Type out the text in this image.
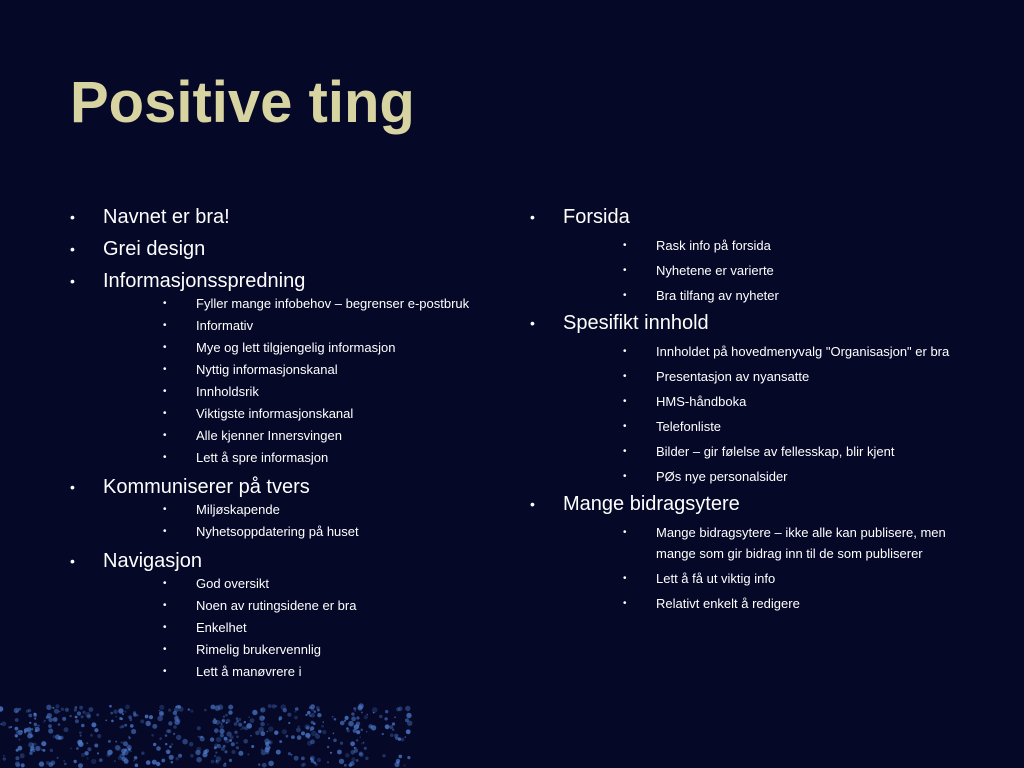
Positive ting
• Navnet er bra!
• Grei design
• Informasjonsspredning
• Fyller mange infobehov – begrenser e-postbruk
• Informativ
• Mye og lett tilgjengelig informasjon
• Nyttig informasjonskanal
• Innholdsrik
• Viktigste informasjonskanal
• Alle kjenner Innersvingen
• Lett å spre informasjon
• Kommuniserer på tvers
• Miljøskapende
• Nyhetsoppdatering på huset
• Navigasjon
• God oversikt
• Noen av rutingsidene er bra
• Enkelhet
• Rimelig brukervennlig
• Lett å manøvrere i
• Forsida
• Rask info på forsida
• Nyhetene er varierte
• Bra tilfang av nyheter
• Spesifikt innhold
• Innholdet på hovedmenyvalg "Organisasjon" er bra
• Presentasjon av nyansatte
• HMS-håndboka
• Telefonliste
• Bilder – gir følelse av fellesskap, blir kjent
• PØs nye personalsider
• Mange bidragsytere
• Mange bidragsytere – ikke alle kan publisere, men mange som gir bidrag inn til de som publiserer
• Lett å få ut viktig info
• Relativt enkelt å redigere
